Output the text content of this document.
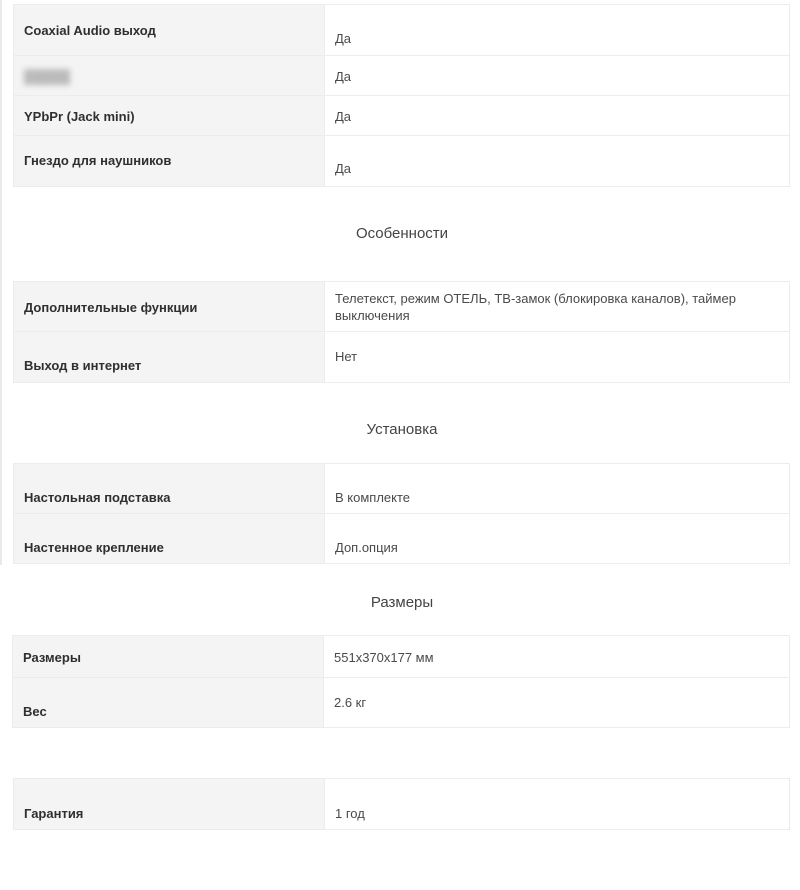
Coaxial Audio выход	Да

█████	Да

YPbPr (Jack mini)	Да

Гнездо для наушников	Да
Особенности
Дополнительные функции	Телетекст, режим ОТЕЛЬ, ТВ-замок (блокировка каналов), таймер выключения

Выход в интернет	Нет
Установка
Настольная подставка	В комплекте

Настенное крепление	Доп.опция
Размеры
Размеры	551x370x177 мм

Вес	2.6 кг
Гарантия	1 год
